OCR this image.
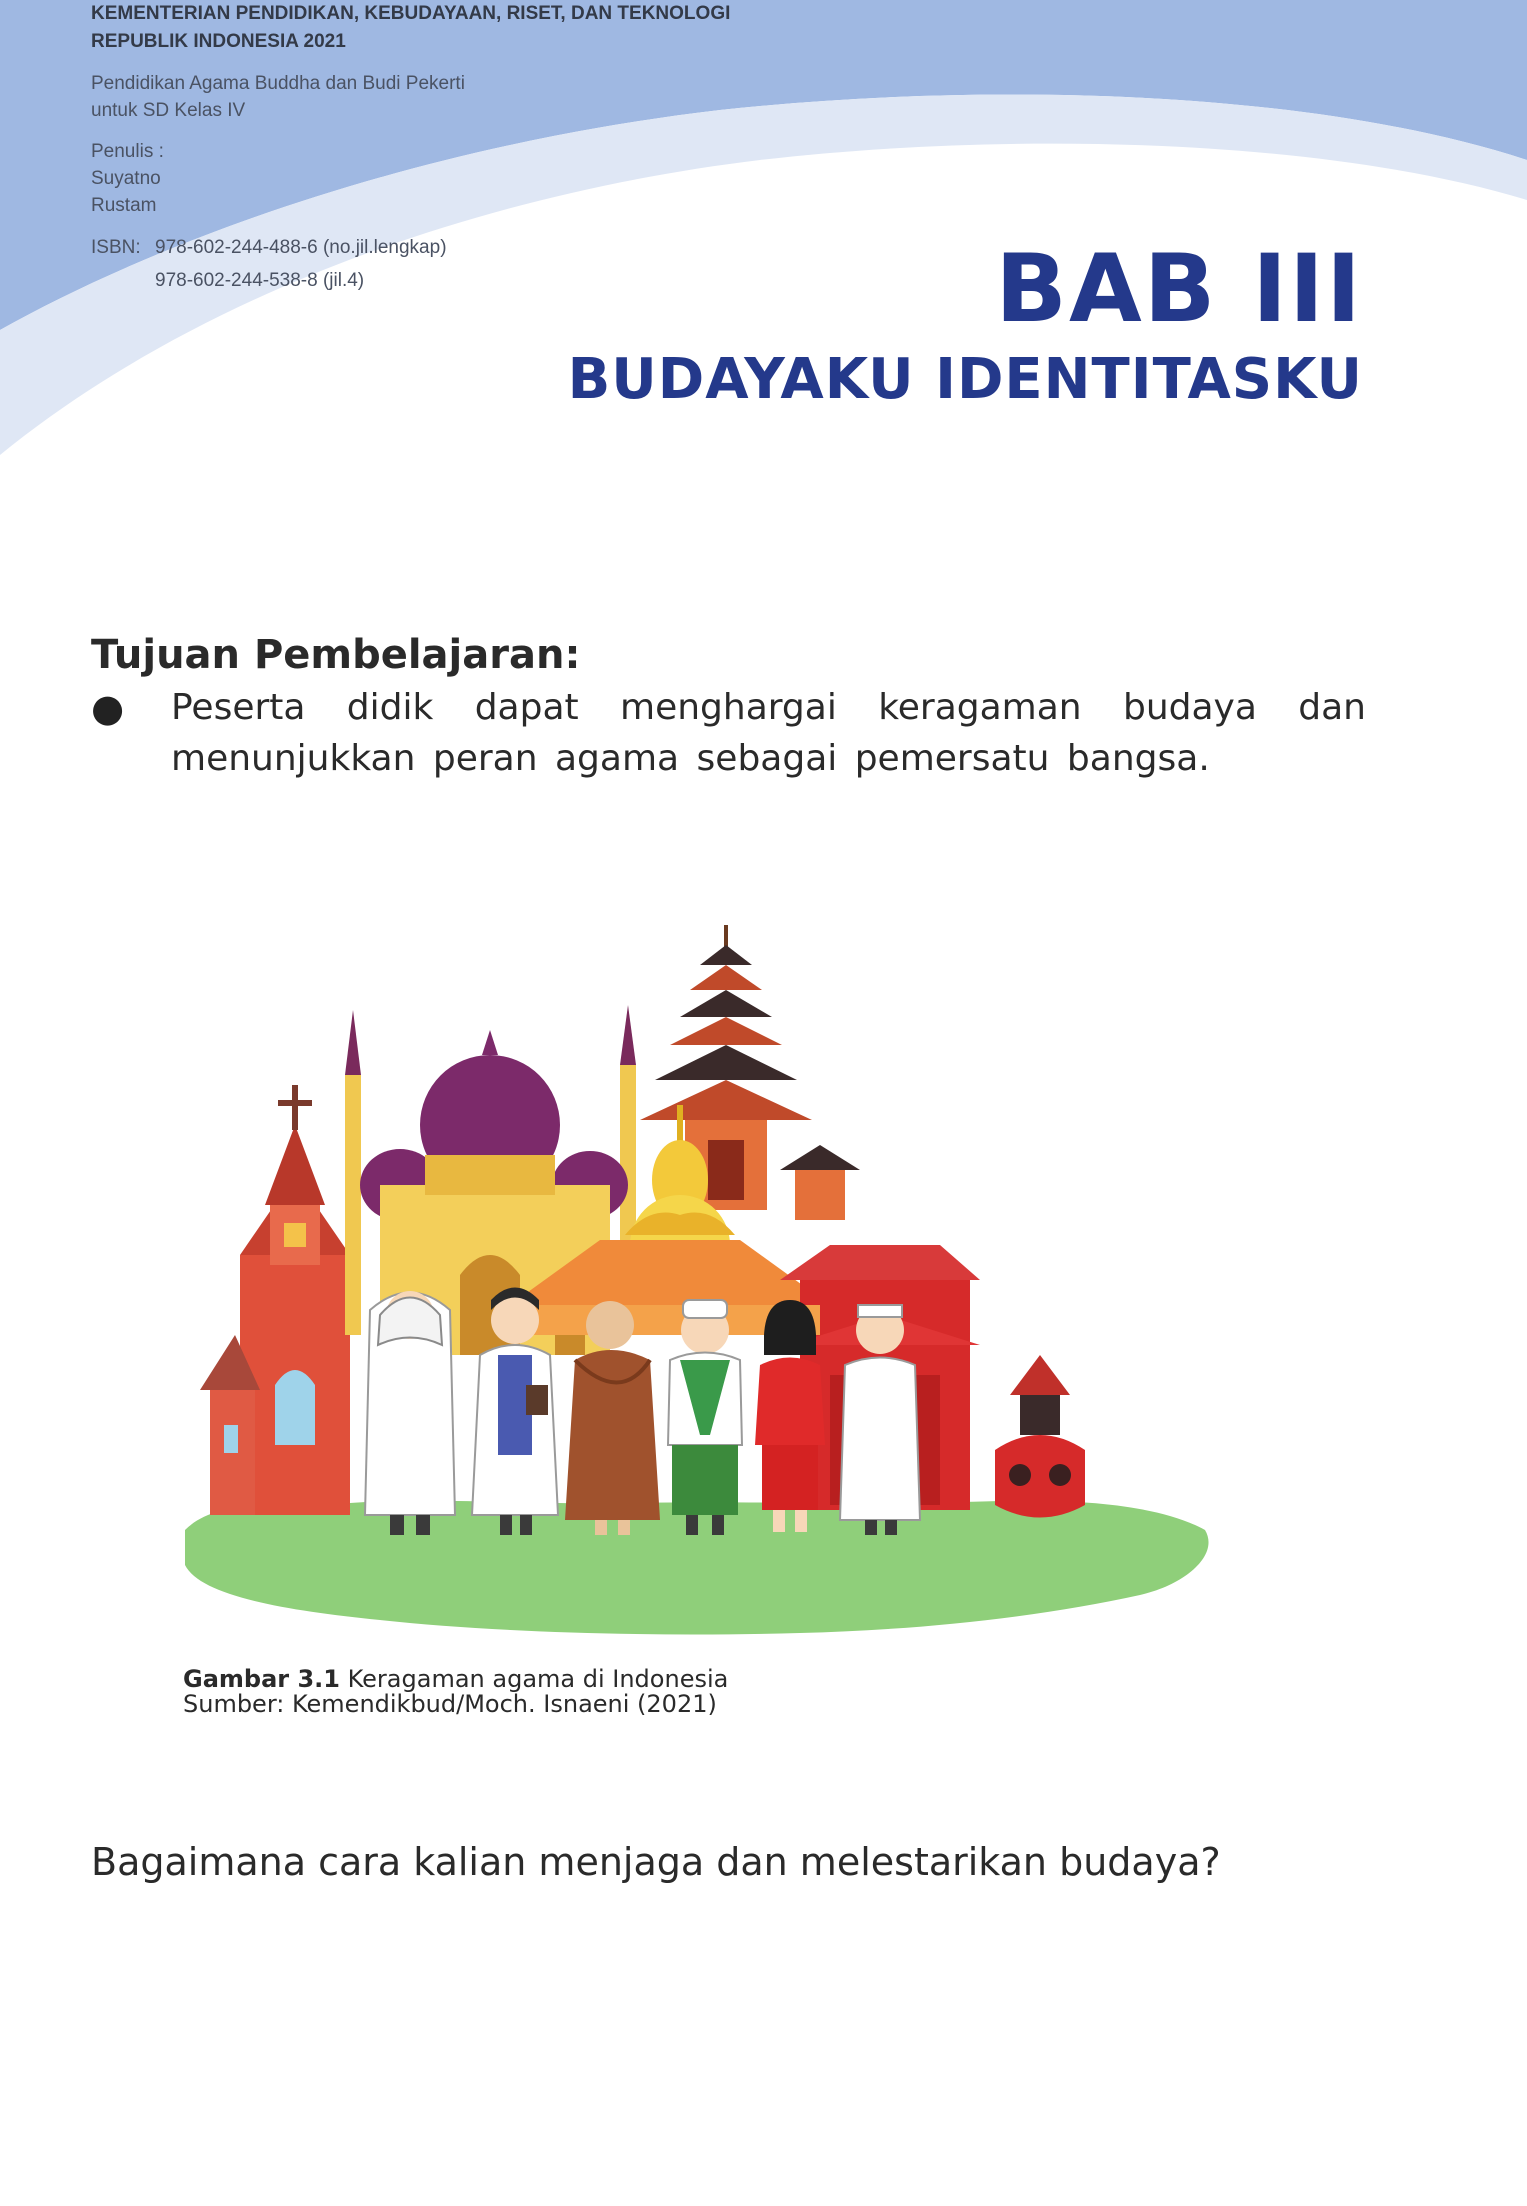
KEMENTERIAN PENDIDIKAN, KEBUDAYAAN, RISET, DAN TEKNOLOGI
REPUBLIK INDONESIA 2021
Pendidikan Agama Buddha dan Budi Pekerti
untuk SD Kelas IV
Penulis :
Suyatno
Rustam
ISBN: 978-602-244-488-6 (no.jil.lengkap)
978-602-244-538-8 (jil.4)	BAB III
BUDAYAKU IDENTITASKU
Tujuan Pembelajaran:
●	Peserta didik dapat menghargai keragaman budaya dan menunjukkan peran agama sebagai pemersatu bangsa.
Gambar 3.1 Keragaman agama di Indonesia
Sumber: Kemendikbud/Moch. Isnaeni (2021)
Bagaimana cara kalian menjaga dan melestarikan budaya?
